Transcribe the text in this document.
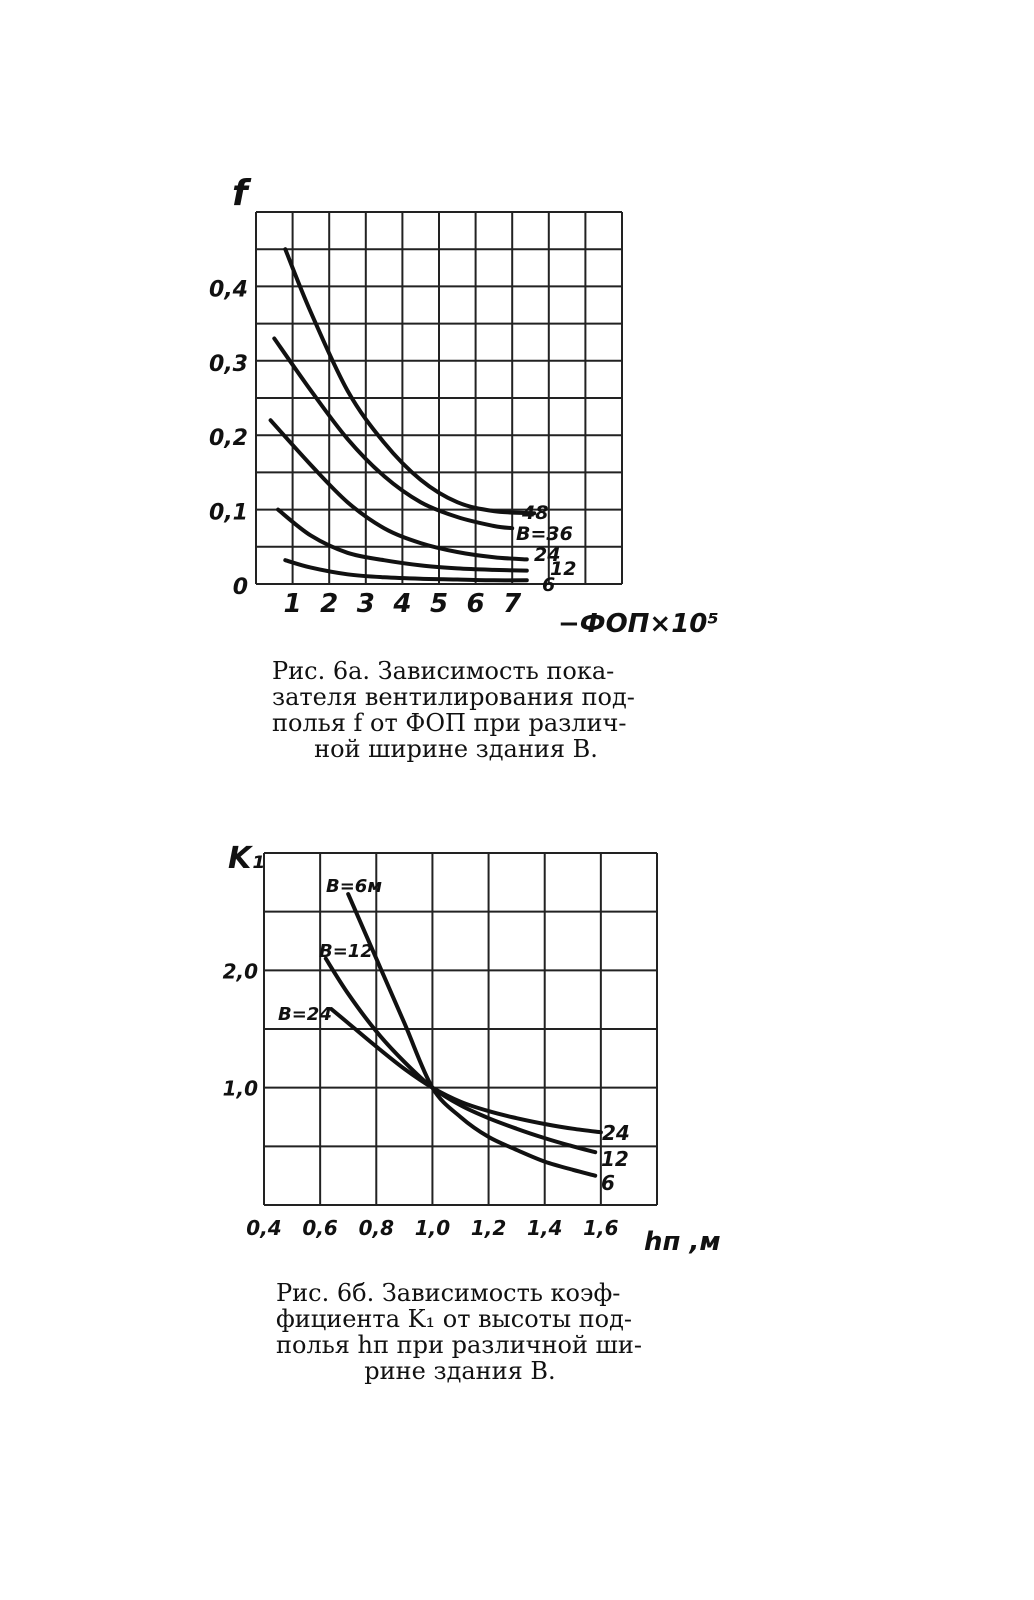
1 2 3 4 5 6 7
0
0,1
0,2
0,3
0,4
48
B=36
24
12
6
f
−ФОП×10⁵
0,4 0,6 0,8 1,0 1,2 1,4 1,6
1,0
2,0
B=6м
6
B=12
12
B=24
24
K₁
hп ,м
Рис. 6а. Зависимость пока-
зателя вентилирования под-
полья f от ФОП при различ-
ной ширине здания В.
Рис. 6б. Зависимость коэф-
фициента K₁ от высоты под-
полья hп при различной ши-
рине здания В.
